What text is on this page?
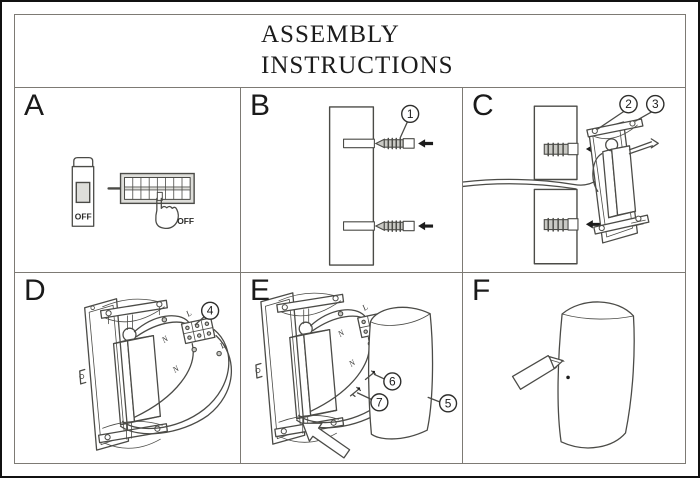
ASSEMBLY
INSTRUCTIONS
A
OFF	OFF
B	1 C	2 3
D
L
N
L
N
4
E
L
N
N
6
7	5
F
